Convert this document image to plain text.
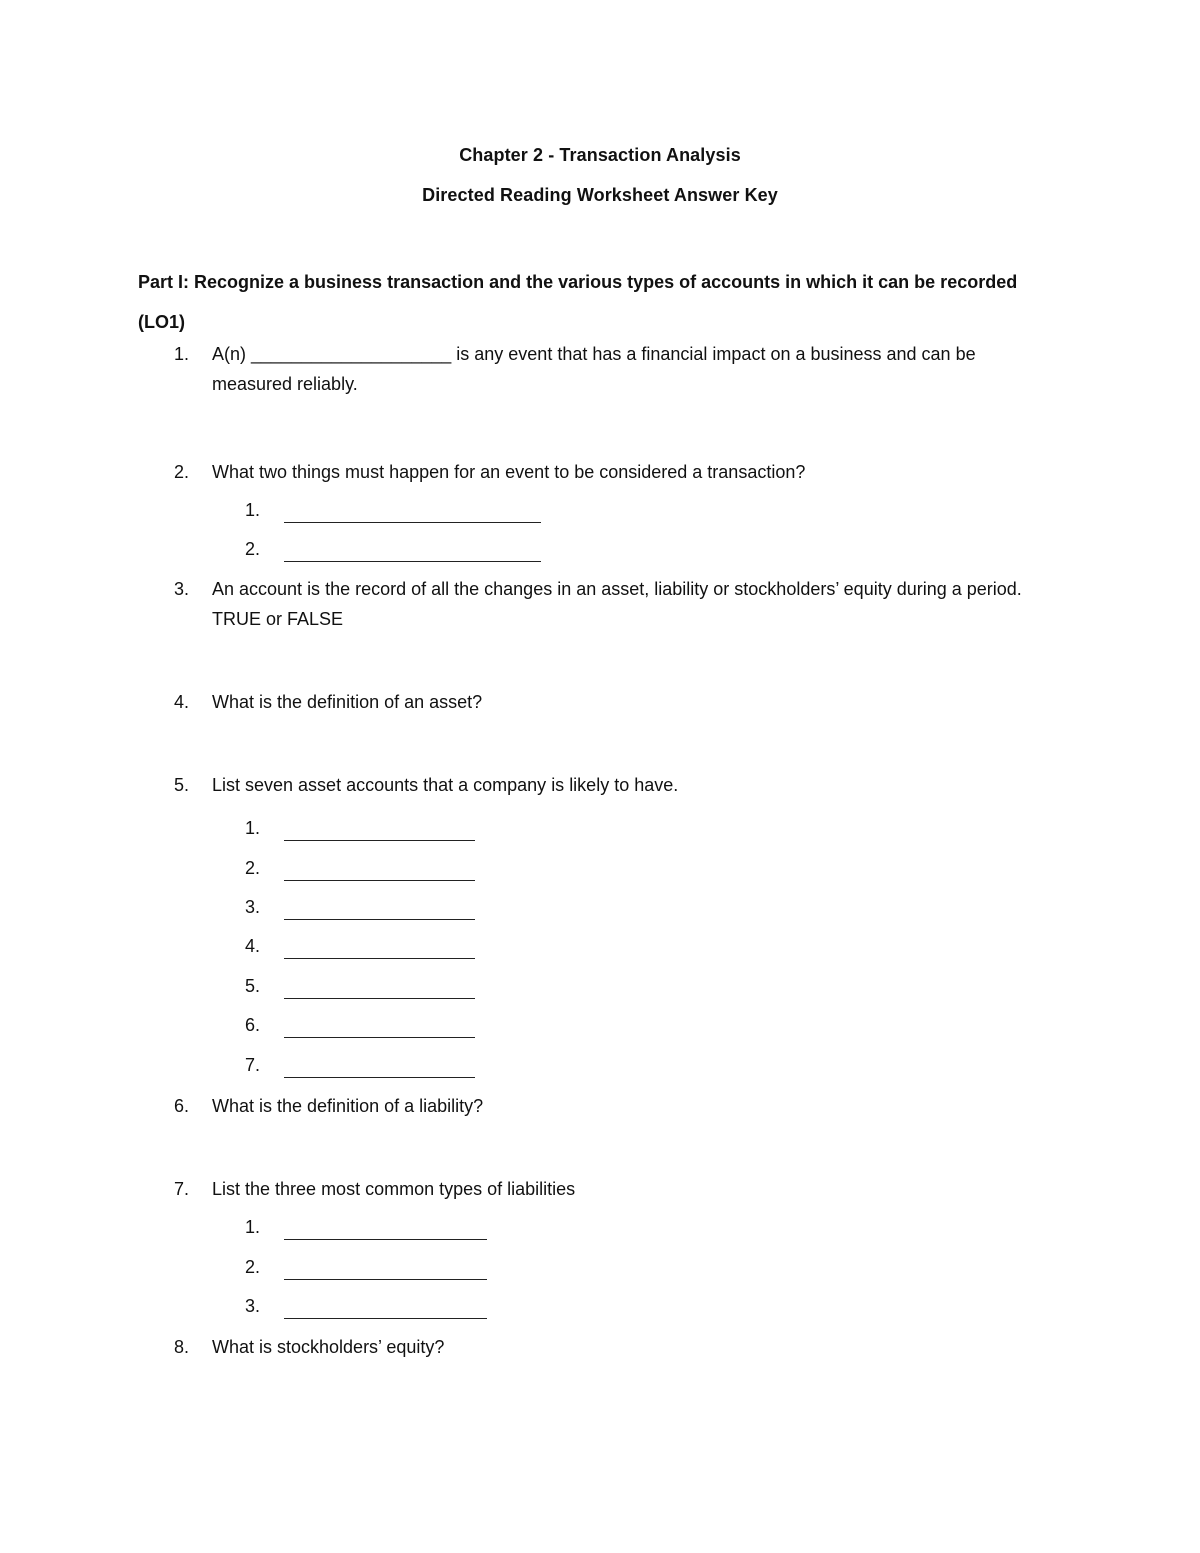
Chapter 2 - Transaction Analysis
Directed Reading Worksheet Answer Key
Part I: Recognize a business transaction and the various types of accounts in which it can be recorded (LO1)
1.	A(n) ____________________ is any event that has a financial impact on a business and can be measured reliably.
2.	What two things must happen for an event to be considered a transaction?
1.
2.
3.	An account is the record of all the changes in an asset, liability or stockholders’ equity during a period. TRUE or FALSE
4.	What is the definition of an asset?
5.	List seven asset accounts that a company is likely to have.
1.
2.
3.
4.
5.
6.
7.
6.	What is the definition of a liability?
7.	List the three most common types of liabilities
1.
2.
3.
8.	What is stockholders’ equity?
